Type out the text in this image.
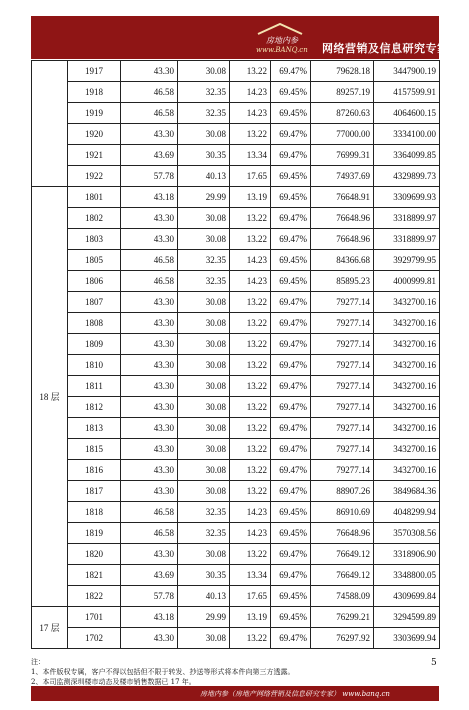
房地内参
www.BANQ.cn 网络营销及信息研究专家
	1917	43.30	30.08	13.22	69.47%	79628.18	3447900.19
	1918	46.58	32.35	14.23	69.45%	89257.19	4157599.91
	1919	46.58	32.35	14.23	69.45%	87260.63	4064600.15
	1920	43.30	30.08	13.22	69.47%	77000.00	3334100.00
	1921	43.69	30.35	13.34	69.47%	76999.31	3364099.85
	1922	57.78	40.13	17.65	69.45%	74937.69	4329899.73
18 层	1801	43.18	29.99	13.19	69.45%	76648.91	3309699.93
	1802	43.30	30.08	13.22	69.47%	76648.96	3318899.97
	1803	43.30	30.08	13.22	69.47%	76648.96	3318899.97
	1805	46.58	32.35	14.23	69.45%	84366.68	3929799.95
	1806	46.58	32.35	14.23	69.45%	85895.23	4000999.81
	1807	43.30	30.08	13.22	69.47%	79277.14	3432700.16
	1808	43.30	30.08	13.22	69.47%	79277.14	3432700.16
	1809	43.30	30.08	13.22	69.47%	79277.14	3432700.16
	1810	43.30	30.08	13.22	69.47%	79277.14	3432700.16
	1811	43.30	30.08	13.22	69.47%	79277.14	3432700.16
	1812	43.30	30.08	13.22	69.47%	79277.14	3432700.16
	1813	43.30	30.08	13.22	69.47%	79277.14	3432700.16
	1815	43.30	30.08	13.22	69.47%	79277.14	3432700.16
	1816	43.30	30.08	13.22	69.47%	79277.14	3432700.16
	1817	43.30	30.08	13.22	69.47%	88907.26	3849684.36
	1818	46.58	32.35	14.23	69.45%	86910.69	4048299.94
	1819	46.58	32.35	14.23	69.45%	76648.96	3570308.56
	1820	43.30	30.08	13.22	69.47%	76649.12	3318906.90
	1821	43.69	30.35	13.34	69.47%	76649.12	3348800.05
	1822	57.78	40.13	17.65	69.45%	74588.09	4309699.84
17 层	1701	43.18	29.99	13.19	69.45%	76299.21	3294599.89
	1702	43.30	30.08	13.22	69.47%	76297.92	3303699.94
5
注：
1、本件版权专属，客户不得以包括但不限于转发、抄送等形式将本件向第三方透露。
2、本司监测深圳楼市动态及楼市销售数据已 17 年。
房地内参（房地产网络营销及信息研究专家） www.banq.cn
